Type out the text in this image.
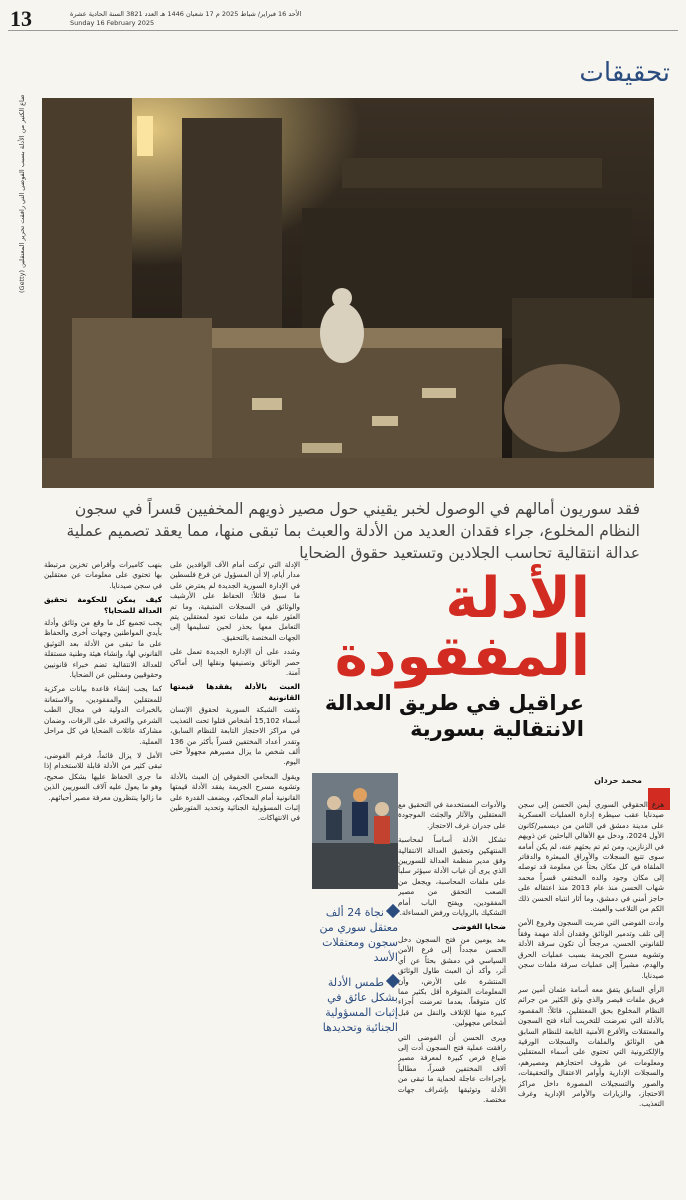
13	الأحد 16 فبراير/ شباط 2025 م 17 شعبان 1446 هـ العدد 3821 السنة الحادية عشرة
Sunday 16 February 2025
تحقيقات
ضاع الكثير من الأدلة بسبب الفوضى التي رافقت تحرير المعتقلين (Getty)
فقد سوريون أمالهم في الوصول لخبر يقيني حول مصير ذويهم المخفيين قسراً في سجون النظام المخلوع، جراء فقدان العديد من الأدلة والعبث بما تبقى منها، مما يعقد تصميم عملية عدالة انتقالية تحاسب الجلادين وتستعيد حقوق الضحايا
الأدلة المفقودة
عراقيل في طريق العدالة الانتقالية بسورية
محمد حردان

نجاة 24 ألف معتقل سوري من سجون ومعتقلات الأسد

طمس الأدلة بشكل عائق في إثبات المسؤولية الجنائية وتحديدها

هرع الحقوقي السوري أيمن الحسن إلى سجن صيدنايا عقب سيطرة إدارة العمليات العسكرية على مدينة دمشق في الثامن من ديسمبر/كانون الأول 2024، ودخل مع الأهالي الباحثين عن ذويهم في الزنازين، ومن ثم تم بحثهم عنه، لم يكن أمامه سوى تتبع السجلات والأوراق المبعثرة والدفاتر الملقاة في كل مكان بحثاً عن معلومة قد توصله إلى مكان وجود والده المختفي قسراً محمد شهاب الحسن منذ عام 2013 منذ اعتقاله على حاجز أمني في دمشق، وما أثار انتباه الحسن ذلك الكم من التلاعب والعبث.

وأدت الفوضى التي ضربت السجون وفروع الأمن إلى تلف وتدمير الوثائق وفقدان أدلة مهمة وفقاً للقانوني الحسن، مرجحاً أن تكون سرقة الأدلة وتشويه مسرح الجريمة بسبب عمليات الحرق والهدم، مشيراً إلى عمليات سرقة ملفات سجن صيدنايا.

الرأي السابق يتفق معه أسامة عثمان أمين سر فريق ملفات قيصر والذي وثق الكثير من جرائم النظام المخلوع بحق المعتقلين، قائلاً: المقصود بالأدلة التي تعرضت للتخريب أثناء فتح السجون والمعتقلات والأفرع الأمنية التابعة للنظام السابق هي الوثائق والملفات والسجلات الورقية والإلكترونية التي تحتوي على أسماء المعتقلين ومعلومات عن ظروف احتجازهم ومصيرهم، والسجلات الإدارية وأوامر الاعتقال والتحقيقات، والصور والتسجيلات المصورة داخل مراكز الاحتجاز، والزيارات والأوامر الإدارية وغرف التعذيب.

والأدوات المستخدمة في التحقيق مع المعتقلين والآثار والجثث الموجودة على جدران غرف الاحتجاز.

تشكل الأدلة أساساً لمحاسبة المنتهكين وتحقيق العدالة الانتقالية وفق مدير منظمة العدالة للسوريين الذي يرى أن غياب الأدلة سيؤثر سلباً على ملفات المحاسبة، ويجعل من الصعب التحقق من مصير المفقودين، ويفتح الباب أمام التشكيك بالروايات ورفض المساءلة.

ضحايا الفوضى

بعد يومين من فتح السجون دخل الحسن مجدداً إلى فرع الأمن السياسي في دمشق بحثاً عن أي أثر، وأكد أن العبث طاول الوثائق المنتشرة على الأرض، وأن المعلومات المتوفرة أقل بكثير مما كان متوقعاً، بعدما تعرضت أجزاء كبيرة منها للإتلاف والنقل من قبل أشخاص مجهولين.

ويرى الحسن أن الفوضى التي رافقت عملية فتح السجون أدت إلى ضياع فرص كبيرة لمعرفة مصير آلاف المختفين قسراً، مطالباً بإجراءات عاجلة لحماية ما تبقى من الأدلة وتوثيقها بإشراف جهات مختصة.

الإدلة التي تركت أمام الآف الوافدين على مدار أيام، إلا أن المسؤول عن فرع فلسطين في الإدارة السورية الجديدة لم يعترض على ما سبق قائلاً: الحفاظ على الأرشيف والوثائق في السجلات المتبقية، وما تم العثور عليه من ملفات تعود لمعتقلين يتم التعامل معها بحذر لحين تسليمها إلى الجهات المختصة بالتحقيق.

وشدد على أن الإدارة الجديدة تعمل على حصر الوثائق وتصنيفها ونقلها إلى أماكن آمنة.

العبث بالأدلة يفقدها قيمتها القانونية

وثقت الشبكة السورية لحقوق الإنسان أسماء 15,102 أشخاص قتلوا تحت التعذيب في مراكز الاحتجاز التابعة للنظام السابق، وتقدر أعداد المختفين قسراً بأكثر من 136 ألف شخص ما يزال مصيرهم مجهولاً حتى اليوم.

ويقول المحامي الحقوقي إن العبث بالأدلة وتشويه مسرح الجريمة يفقد الأدلة قيمتها القانونية أمام المحاكم، ويضعف القدرة على إثبات المسؤولية الجنائية وتحديد المتورطين في الانتهاكات.

بنهب كاميرات وأقراص تخزين مرتبطة بها تحتوي على معلومات عن معتقلين في سجن صيدنايا.

كيف يمكن للحكومة تحقيق العدالة للضحايا؟

يجب تجميع كل ما وقع من وثائق وأدلة بأيدي المواطنين وجهات أخرى والحفاظ على ما تبقى من الأدلة بعد التوثيق القانوني لها، وإنشاء هيئة وطنية مستقلة للعدالة الانتقالية تضم خبراء قانونيين وحقوقيين وممثلين عن الضحايا.

كما يجب إنشاء قاعدة بيانات مركزية للمعتقلين والمفقودين، والاستعانة بالخبرات الدولية في مجال الطب الشرعي والتعرف على الرفات، وضمان مشاركة عائلات الضحايا في كل مراحل العملية.

الأمل لا يزال قائماً، فرغم الفوضى، تبقى كثير من الأدلة قابلة للاستخدام إذا ما جرى الحفاظ عليها بشكل صحيح، وهو ما يعول عليه آلاف السوريين الذين ما زالوا ينتظرون معرفة مصير أحبائهم.
